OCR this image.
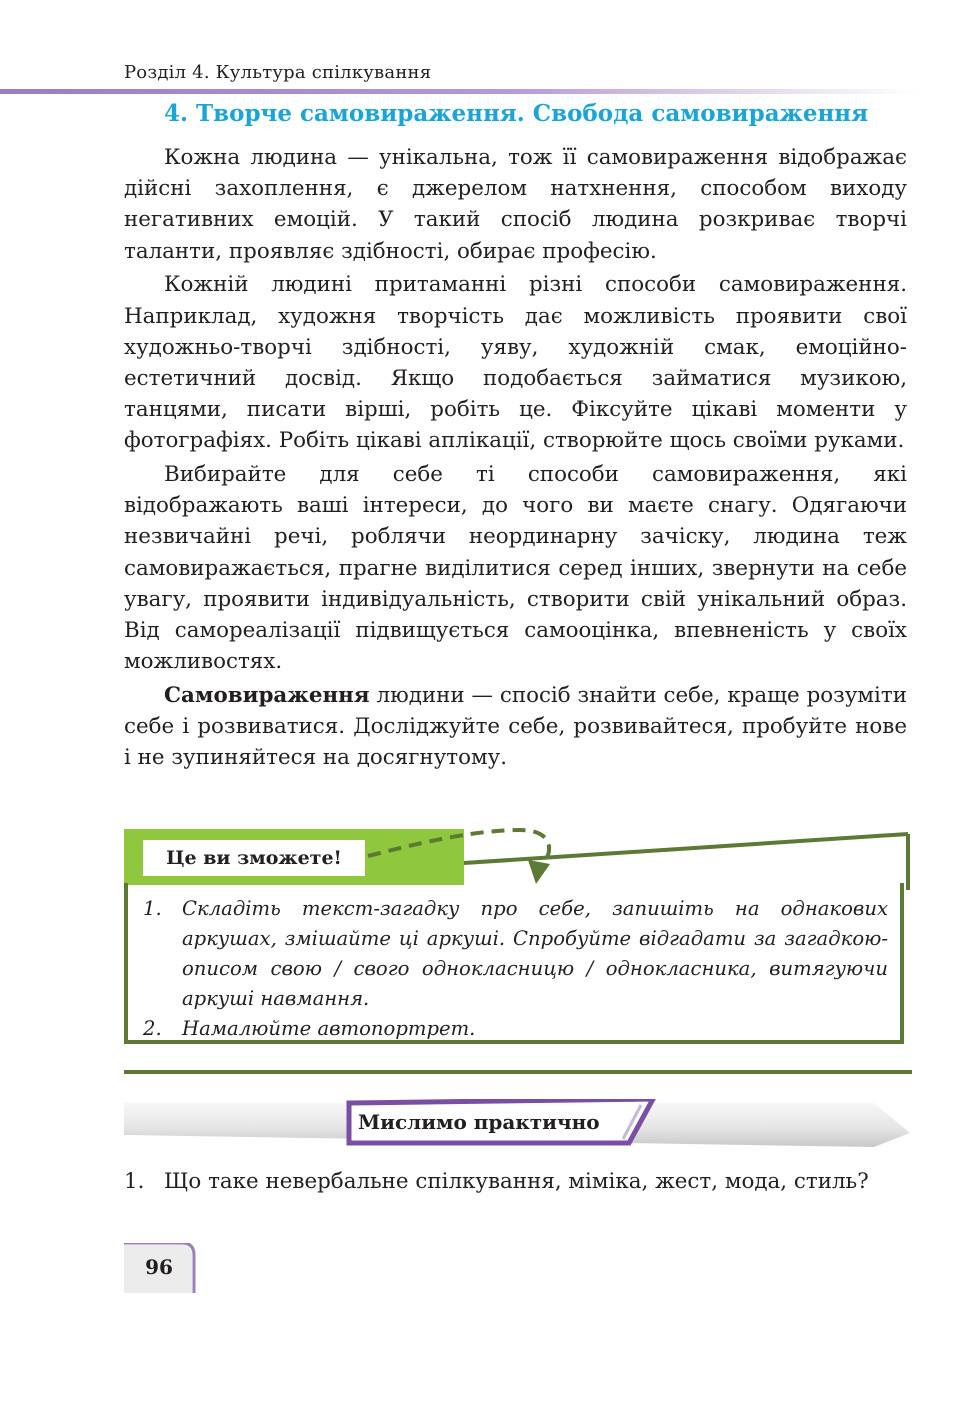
Розділ 4. Культура спілкування
4. Творче самовираження. Свобода самовираження

Кожна людина — унікальна, тож її самовираження відображає дійсні захоплення, є джерелом натхнення, способом виходу негативних емоцій. У такий спосіб людина розкриває творчі таланти, проявляє здібності, обирає професію.

Кожній людині притаманні різні способи самовираження. Наприклад, художня творчість дає можливість проявити свої художньо-творчі здібності, уяву, художній смак, емоційно-естетичний досвід. Якщо подобається займатися музикою, танцями, писати вірші, робіть це. Фіксуйте цікаві моменти у фотографіях. Робіть цікаві аплікації, створюйте щось своїми руками.

Вибирайте для себе ті способи самовираження, які відображають ваші інтереси, до чого ви маєте снагу. Одягаючи незвичайні речі, роблячи неординарну зачіску, людина теж самовиражається, прагне виділитися серед інших, звернути на себе увагу, проявити індивідуальність, створити свій унікальний образ. Від самореалізації підвищується самооцінка, впевненість у своїх можливостях.

Самовираження людини — спосіб знайти себе, краще розуміти себе і розвиватися. Досліджуйте себе, розвивайтеся, пробуйте нове і не зупиняйтеся на досягнутому.

Це ви зможете!
1. Складіть текст-загадку про себе, запишіть на однакових аркушах, змішайте ці аркуші. Спробуйте відгадати за загадкою-описом свою / свого однокласницю / однокласника, витягуючи аркуші навмання.
2. Намалюйте автопортрет.
Мислимо практично
1. Що таке невербальне спілкування, міміка, жест, мода, стиль?
96
